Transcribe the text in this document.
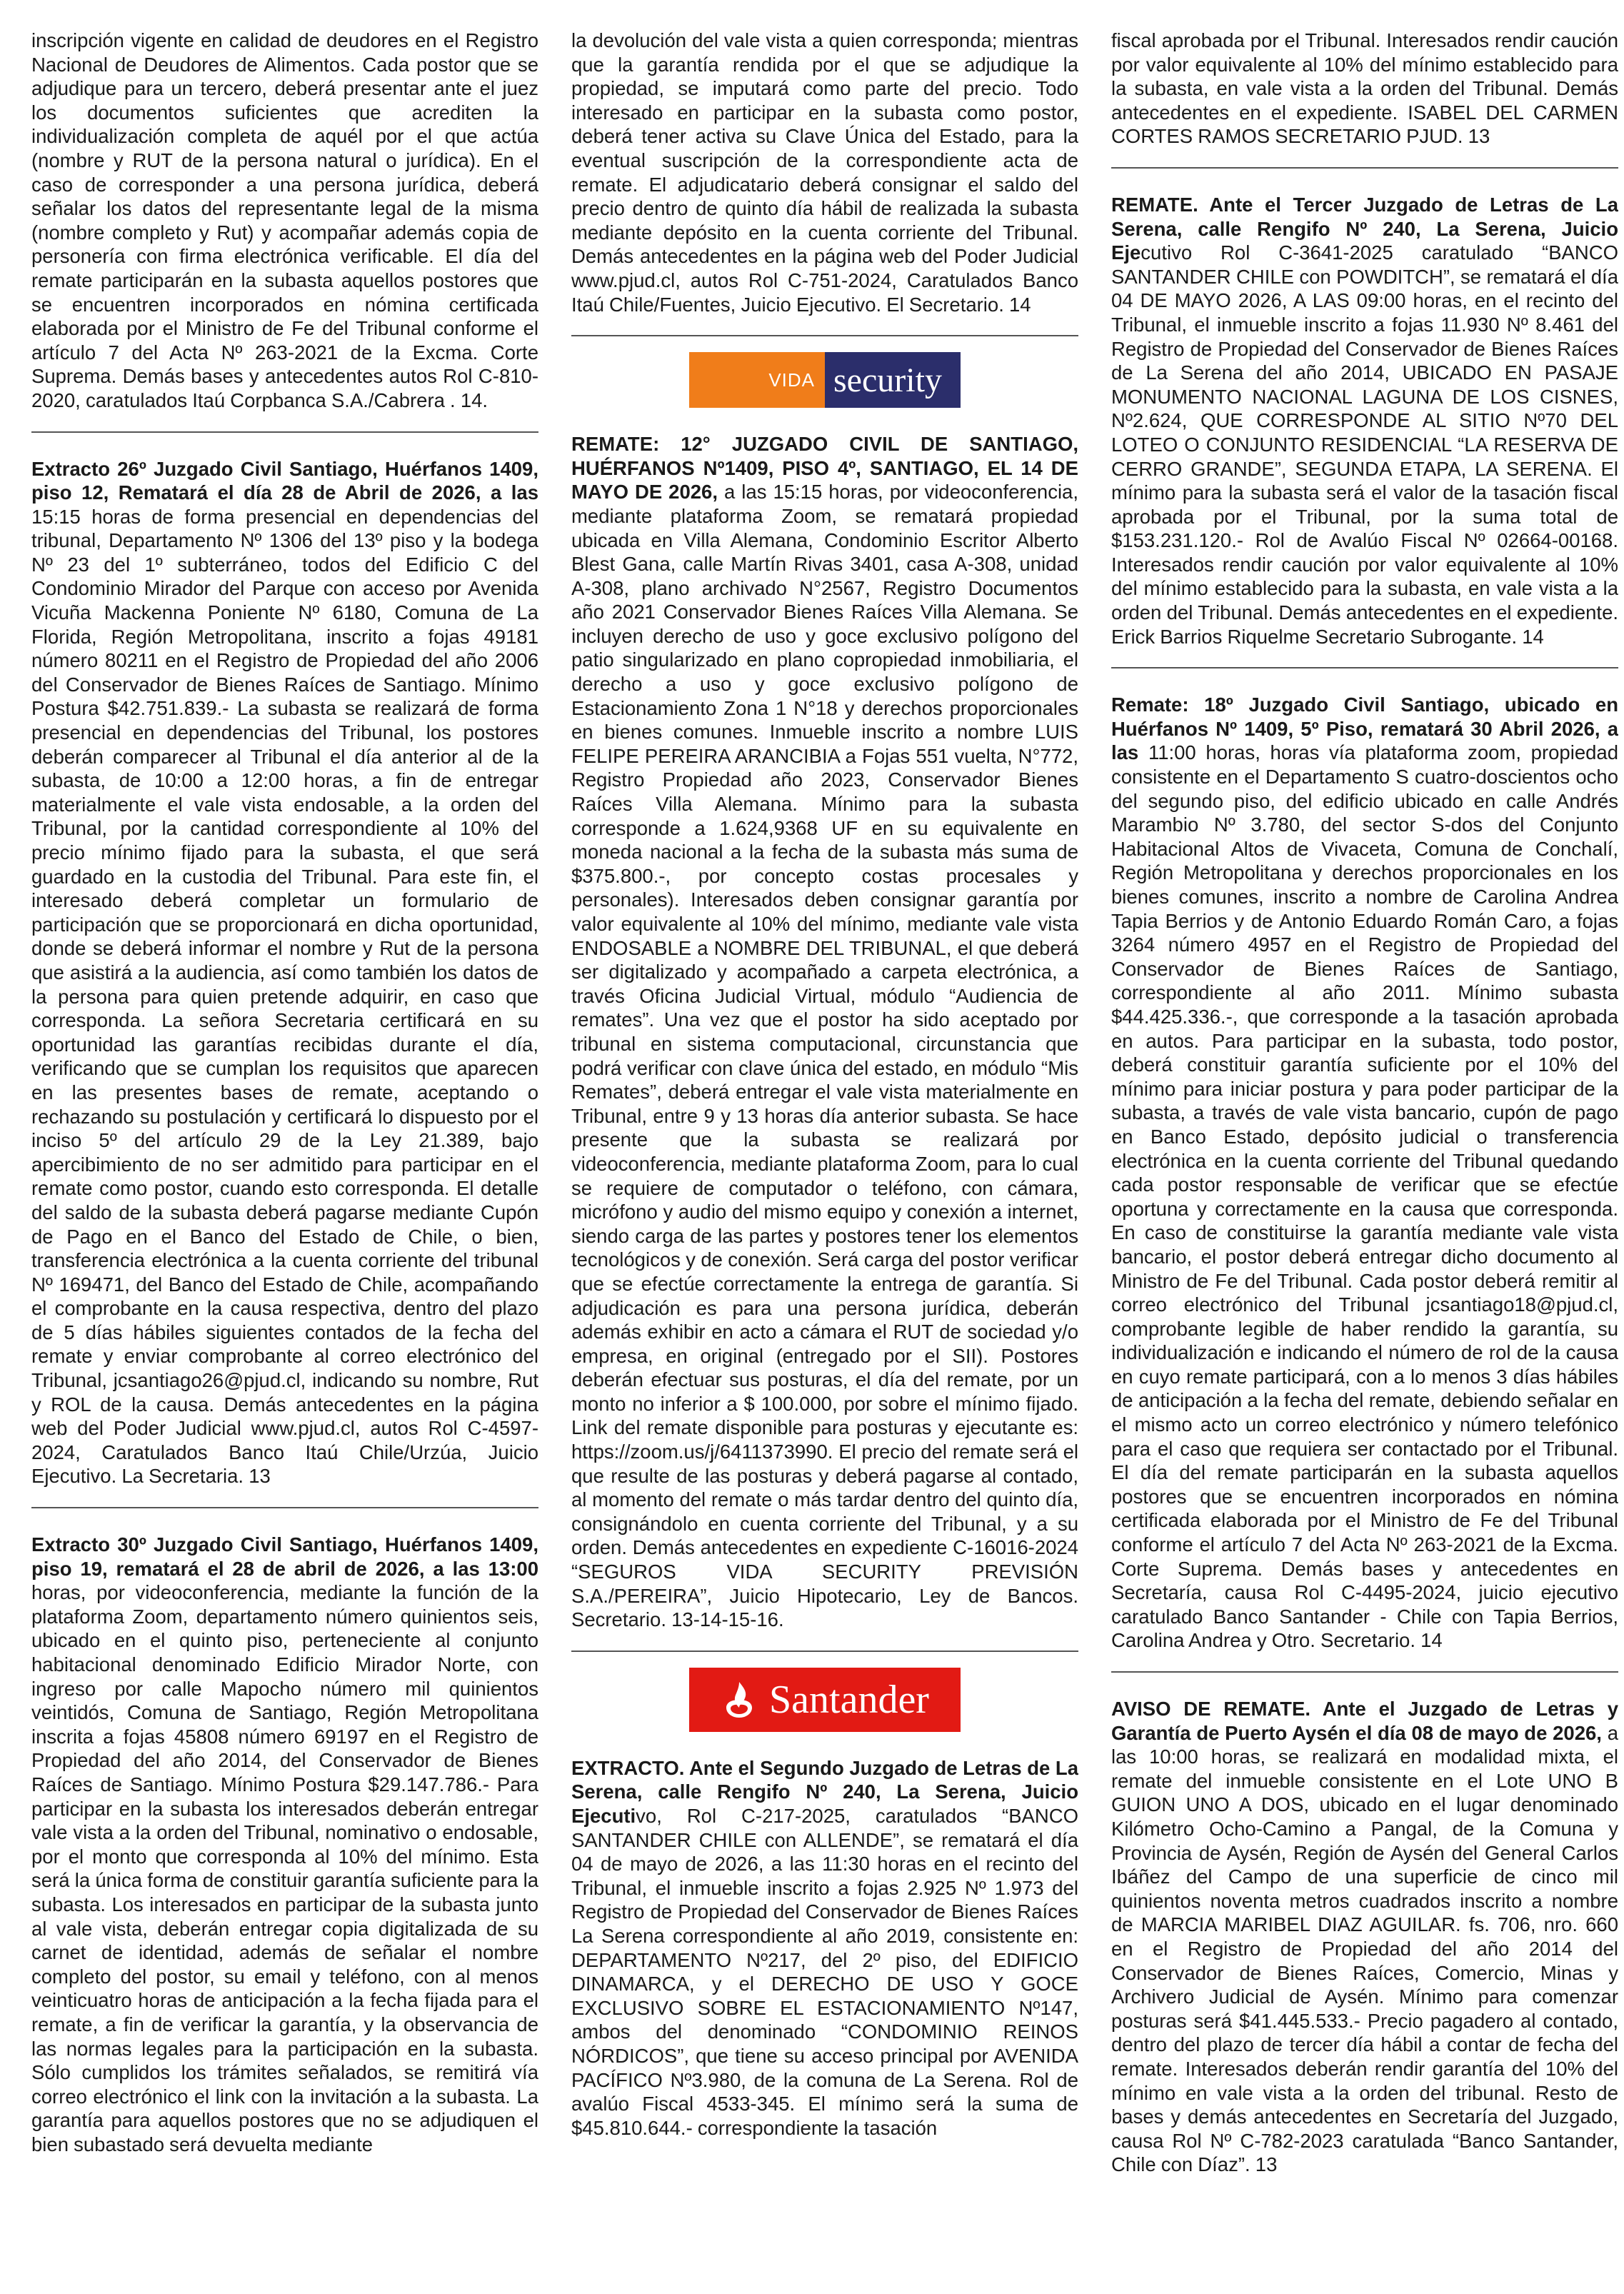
inscripción vigente en calidad de deudores en el Registro Nacional de Deudores de Alimentos. Cada postor que se adjudique para un tercero, deberá presentar ante el juez los documentos suficientes que acrediten la individualización completa de aquél por el que actúa (nombre y RUT de la persona natural o jurídica). En el caso de corresponder a una persona jurídica, deberá señalar los datos del representante legal de la misma (nombre completo y Rut) y acompañar además copia de personería con firma electrónica verificable. El día del remate participarán en la subasta aquellos postores que se encuentren incorporados en nómina certificada elaborada por el Ministro de Fe del Tribunal conforme el artículo 7 del Acta Nº 263-2021 de la Excma. Corte Suprema. Demás bases y antecedentes autos Rol C-810-2020, caratulados Itaú Corpbanca S.A./Cabrera . 14.

Extracto 26º Juzgado Civil Santiago, Huérfanos 1409, piso 12, Rematará el día 28 de Abril de 2026, a las 15:15 horas de forma presencial en dependencias del tribunal, Departamento Nº 1306 del 13º piso y la bodega Nº 23 del 1º subterráneo, todos del Edificio C del Condominio Mirador del Parque con acceso por Avenida Vicuña Mackenna Poniente Nº 6180, Comuna de La Florida, Región Metropolitana, inscrito a fojas 49181 número 80211 en el Registro de Propiedad del año 2006 del Conservador de Bienes Raíces de Santiago. Mínimo Postura $42.751.839.- La subasta se realizará de forma presencial en dependencias del Tribunal, los postores deberán comparecer al Tribunal el día anterior al de la subasta, de 10:00 a 12:00 horas, a fin de entregar materialmente el vale vista endosable, a la orden del Tribunal, por la cantidad correspondiente al 10% del precio mínimo fijado para la subasta, el que será guardado en la custodia del Tribunal. Para este fin, el interesado deberá completar un formulario de participación que se proporcionará en dicha oportunidad, donde se deberá informar el nombre y Rut de la persona que asistirá a la audiencia, así como también los datos de la persona para quien pretende adquirir, en caso que corresponda. La señora Secretaria certificará en su oportunidad las garantías recibidas durante el día, verificando que se cumplan los requisitos que aparecen en las presentes bases de remate, aceptando o rechazando su postulación y certificará lo dispuesto por el inciso 5º del artículo 29 de la Ley 21.389, bajo apercibimiento de no ser admitido para participar en el remate como postor, cuando esto corresponda. El detalle del saldo de la subasta deberá pagarse mediante Cupón de Pago en el Banco del Estado de Chile, o bien, transferencia electrónica a la cuenta corriente del tribunal Nº 169471, del Banco del Estado de Chile, acompañando el comprobante en la causa respectiva, dentro del plazo de 5 días hábiles siguientes contados de la fecha del remate y enviar comprobante al correo electrónico del Tribunal, jcsantiago26@pjud.cl, indicando su nombre, Rut y ROL de la causa. Demás antecedentes en la página web del Poder Judicial www.pjud.cl, autos Rol C-4597-2024, Caratulados Banco Itaú Chile/Urzúa, Juicio Ejecutivo. La Secretaria. 13

Extracto 30º Juzgado Civil Santiago, Huérfanos 1409, piso 19, rematará el 28 de abril de 2026, a las 13:00 horas, por videoconferencia, mediante la función de la plataforma Zoom, departamento número quinientos seis, ubicado en el quinto piso, perteneciente al conjunto habitacional denominado Edificio Mirador Norte, con ingreso por calle Mapocho número mil quinientos veintidós, Comuna de Santiago, Región Metropolitana inscrita a fojas 45808 número 69197 en el Registro de Propiedad del año 2014, del Conservador de Bienes Raíces de Santiago. Mínimo Postura $29.147.786.- Para participar en la subasta los interesados deberán entregar vale vista a la orden del Tribunal, nominativo o endosable, por el monto que corresponda al 10% del mínimo. Esta será la única forma de constituir garantía suficiente para la subasta. Los interesados en participar de la subasta junto al vale vista, deberán entregar copia digitalizada de su carnet de identidad, además de señalar el nombre completo del postor, su email y teléfono, con al menos veinticuatro horas de anticipación a la fecha fijada para el remate, a fin de verificar la garantía, y la observancia de las normas legales para la participación en la subasta. Sólo cumplidos los trámites señalados, se remitirá vía correo electrónico el link con la invitación a la subasta. La garantía para aquellos postores que no se adjudiquen el bien subastado será devuelta mediante

la devolución del vale vista a quien corresponda; mientras que la garantía rendida por el que se adjudique la propiedad, se imputará como parte del precio. Todo interesado en participar en la subasta como postor, deberá tener activa su Clave Única del Estado, para la eventual suscripción de la correspondiente acta de remate. El adjudicatario deberá consignar el saldo del precio dentro de quinto día hábil de realizada la subasta mediante depósito en la cuenta corriente del Tribunal. Demás antecedentes en la página web del Poder Judicial www.pjud.cl, autos Rol C-751-2024, Caratulados Banco Itaú Chile/Fuentes, Juicio Ejecutivo. El Secretario. 14

VIDA security

REMATE: 12° JUZGADO CIVIL DE SANTIAGO, HUÉRFANOS Nº1409, PISO 4º, SANTIAGO, EL 14 DE MAYO DE 2026, a las 15:15 horas, por videoconferencia, mediante plataforma Zoom, se rematará propiedad ubicada en Villa Alemana, Condominio Escritor Alberto Blest Gana, calle Martín Rivas 3401, casa A-308, unidad A-308, plano archivado N°2567, Registro Documentos año 2021 Conservador Bienes Raíces Villa Alemana. Se incluyen derecho de uso y goce exclusivo polígono del patio singularizado en plano copropiedad inmobiliaria, el derecho a uso y goce exclusivo polígono de Estacionamiento Zona 1 N°18 y derechos proporcionales en bienes comunes. Inmueble inscrito a nombre LUIS FELIPE PEREIRA ARANCIBIA a Fojas 551 vuelta, N°772, Registro Propiedad año 2023, Conservador Bienes Raíces Villa Alemana. Mínimo para la subasta corresponde a 1.624,9368 UF en su equivalente en moneda nacional a la fecha de la subasta más suma de $375.800.-, por concepto costas procesales y personales). Interesados deben consignar garantía por valor equivalente al 10% del mínimo, mediante vale vista ENDOSABLE a NOMBRE DEL TRIBUNAL, el que deberá ser digitalizado y acompañado a carpeta electrónica, a través Oficina Judicial Virtual, módulo “Audiencia de remates”. Una vez que el postor ha sido aceptado por tribunal en sistema computacional, circunstancia que podrá verificar con clave única del estado, en módulo “Mis Remates”, deberá entregar el vale vista materialmente en Tribunal, entre 9 y 13 horas día anterior subasta. Se hace presente que la subasta se realizará por videoconferencia, mediante plataforma Zoom, para lo cual se requiere de computador o teléfono, con cámara, micrófono y audio del mismo equipo y conexión a internet, siendo carga de las partes y postores tener los elementos tecnológicos y de conexión. Será carga del postor verificar que se efectúe correctamente la entrega de garantía. Si adjudicación es para una persona jurídica, deberán además exhibir en acto a cámara el RUT de sociedad y/o empresa, en original (entregado por el SII). Postores deberán efectuar sus posturas, el día del remate, por un monto no inferior a $ 100.000, por sobre el mínimo fijado. Link del remate disponible para posturas y ejecutante es: https://zoom.us/j/6411373990. El precio del remate será el que resulte de las posturas y deberá pagarse al contado, al momento del remate o más tardar dentro del quinto día, consignándolo en cuenta corriente del Tribunal, y a su orden. Demás antecedentes en expediente C-16016-2024 “SEGUROS VIDA SECURITY PREVISIÓN S.A./PEREIRA”, Juicio Hipotecario, Ley de Bancos. Secretario. 13-14-15-16.

Santander

EXTRACTO. Ante el Segundo Juzgado de Letras de La Serena, calle Rengifo Nº 240, La Serena, Juicio Ejecutivo, Rol C-217-2025, caratulados “BANCO SANTANDER CHILE con ALLENDE”, se rematará el día 04 de mayo de 2026, a las 11:30 horas en el recinto del Tribunal, el inmueble inscrito a fojas 2.925 Nº 1.973 del Registro de Propiedad del Conservador de Bienes Raíces La Serena correspondiente al año 2019, consistente en: DEPARTAMENTO Nº217, del 2º piso, del EDIFICIO DINAMARCA, y el DERECHO DE USO Y GOCE EXCLUSIVO SOBRE EL ESTACIONAMIENTO Nº147, ambos del denominado “CONDOMINIO REINOS NÓRDICOS”, que tiene su acceso principal por AVENIDA PACÍFICO Nº3.980, de la comuna de La Serena. Rol de avalúo Fiscal 4533-345. El mínimo será la suma de $45.810.644.- correspondiente la tasación

fiscal aprobada por el Tribunal. Interesados rendir caución por valor equivalente al 10% del mínimo establecido para la subasta, en vale vista a la orden del Tribunal. Demás antecedentes en el expediente. ISABEL DEL CARMEN CORTES RAMOS SECRETARIO PJUD. 13

REMATE. Ante el Tercer Juzgado de Letras de La Serena, calle Rengifo Nº 240, La Serena, Juicio Ejecutivo Rol C-3641-2025 caratulado “BANCO SANTANDER CHILE con POWDITCH”, se rematará el día 04 DE MAYO 2026, A LAS 09:00 horas, en el recinto del Tribunal, el inmueble inscrito a fojas 11.930 Nº 8.461 del Registro de Propiedad del Conservador de Bienes Raíces de La Serena del año 2014, UBICADO EN PASAJE MONUMENTO NACIONAL LAGUNA DE LOS CISNES, Nº2.624, QUE CORRESPONDE AL SITIO Nº70 DEL LOTEO O CONJUNTO RESIDENCIAL “LA RESERVA DE CERRO GRANDE”, SEGUNDA ETAPA, LA SERENA. El mínimo para la subasta será el valor de la tasación fiscal aprobada por el Tribunal, por la suma total de $153.231.120.- Rol de Avalúo Fiscal Nº 02664-00168. Interesados rendir caución por valor equivalente al 10% del mínimo establecido para la subasta, en vale vista a la orden del Tribunal. Demás antecedentes en el expediente. Erick Barrios Riquelme Secretario Subrogante. 14

Remate: 18º Juzgado Civil Santiago, ubicado en Huérfanos Nº 1409, 5º Piso, rematará 30 Abril 2026, a las 11:00 horas, horas vía plataforma zoom, propiedad consistente en el Departamento S cuatro-doscientos ocho del segundo piso, del edificio ubicado en calle Andrés Marambio Nº 3.780, del sector S-dos del Conjunto Habitacional Altos de Vivaceta, Comuna de Conchalí, Región Metropolitana y derechos proporcionales en los bienes comunes, inscrito a nombre de Carolina Andrea Tapia Berrios y de Antonio Eduardo Román Caro, a fojas 3264 número 4957 en el Registro de Propiedad del Conservador de Bienes Raíces de Santiago, correspondiente al año 2011. Mínimo subasta $44.425.336.-, que corresponde a la tasación aprobada en autos. Para participar en la subasta, todo postor, deberá constituir garantía suficiente por el 10% del mínimo para iniciar postura y para poder participar de la subasta, a través de vale vista bancario, cupón de pago en Banco Estado, depósito judicial o transferencia electrónica en la cuenta corriente del Tribunal quedando cada postor responsable de verificar que se efectúe oportuna y correctamente en la causa que corresponda. En caso de constituirse la garantía mediante vale vista bancario, el postor deberá entregar dicho documento al Ministro de Fe del Tribunal. Cada postor deberá remitir al correo electrónico del Tribunal jcsantiago18@pjud.cl, comprobante legible de haber rendido la garantía, su individualización e indicando el número de rol de la causa en cuyo remate participará, con a lo menos 3 días hábiles de anticipación a la fecha del remate, debiendo señalar en el mismo acto un correo electrónico y número telefónico para el caso que requiera ser contactado por el Tribunal. El día del remate participarán en la subasta aquellos postores que se encuentren incorporados en nómina certificada elaborada por el Ministro de Fe del Tribunal conforme el artículo 7 del Acta Nº 263-2021 de la Excma. Corte Suprema. Demás bases y antecedentes en Secretaría, causa Rol C-4495-2024, juicio ejecutivo caratulado Banco Santander - Chile con Tapia Berrios, Carolina Andrea y Otro. Secretario. 14

AVISO DE REMATE. Ante el Juzgado de Letras y Garantía de Puerto Aysén el día 08 de mayo de 2026, a las 10:00 horas, se realizará en modalidad mixta, el remate del inmueble consistente en el Lote UNO B GUION UNO A DOS, ubicado en el lugar denominado Kilómetro Ocho-Camino a Pangal, de la Comuna y Provincia de Aysén, Región de Aysén del General Carlos Ibáñez del Campo de una superficie de cinco mil quinientos noventa metros cuadrados inscrito a nombre de MARCIA MARIBEL DIAZ AGUILAR. fs. 706, nro. 660 en el Registro de Propiedad del año 2014 del Conservador de Bienes Raíces, Comercio, Minas y Archivero Judicial de Aysén. Mínimo para comenzar posturas será $41.445.533.- Precio pagadero al contado, dentro del plazo de tercer día hábil a contar de fecha del remate. Interesados deberán rendir garantía del 10% del mínimo en vale vista a la orden del tribunal. Resto de bases y demás antecedentes en Secretaría del Juzgado, causa Rol Nº C-782-2023 caratulada “Banco Santander, Chile con Díaz”. 13
